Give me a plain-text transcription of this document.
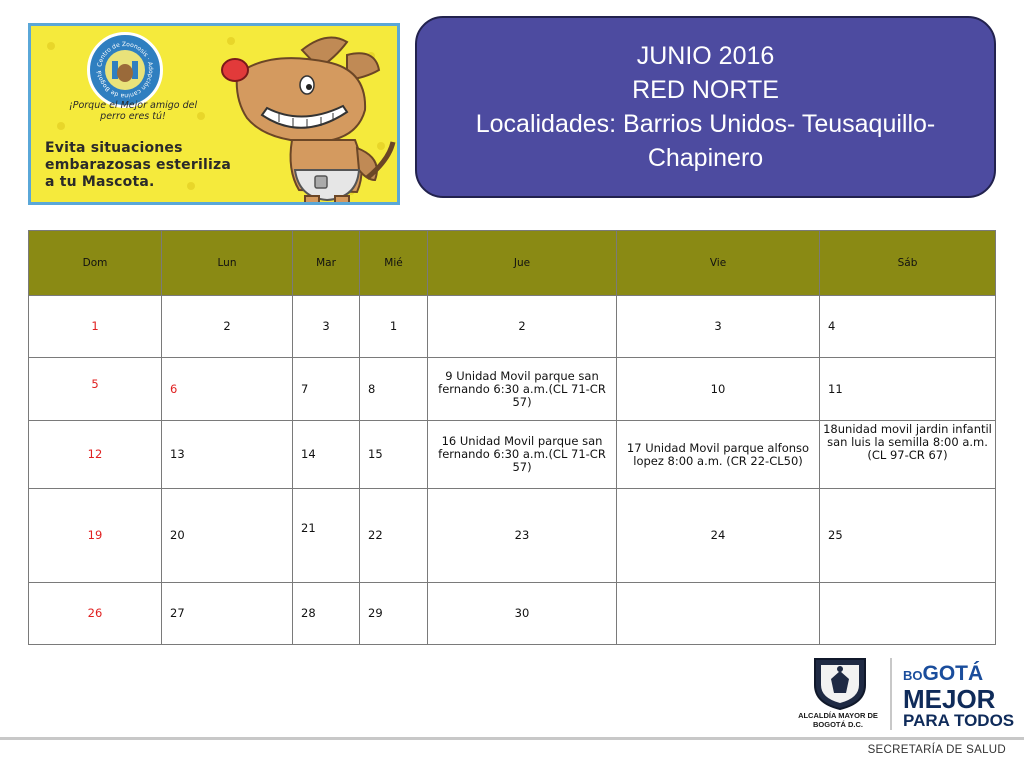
Centro de Zoonosis · Adopción canina de Bogotá
¡Porque el Mejor amigo del perro eres tú!
Evita situaciones embarazosas esteriliza a tu Mascota.
JUNIO 2016
RED NORTE
Localidades: Barrios Unidos- Teusaquillo- Chapinero
Dom	Lun	Mar	Mié	Jue	Vie	Sáb
1	2	3	1	2	3	4
5	6	7	8	9 Unidad Movil parque san fernando 6:30 a.m.(CL 71-CR 57)	10	11
12	13	14	15	16 Unidad Movil parque san fernando 6:30 a.m.(CL 71-CR 57)	17 Unidad Movil parque alfonso lopez 8:00 a.m. (CR 22-CL50)	18unidad movil jardin infantil san luis la semilla 8:00 a.m. (CL 97-CR 67)
19	20	21	22	23	24	25
26	27	28	29	30		
ALCALDÍA MAYOR DE BOGOTÁ D.C.
BOGOTÁ
MEJOR
PARA TODOS
SECRETARÍA DE SALUD
